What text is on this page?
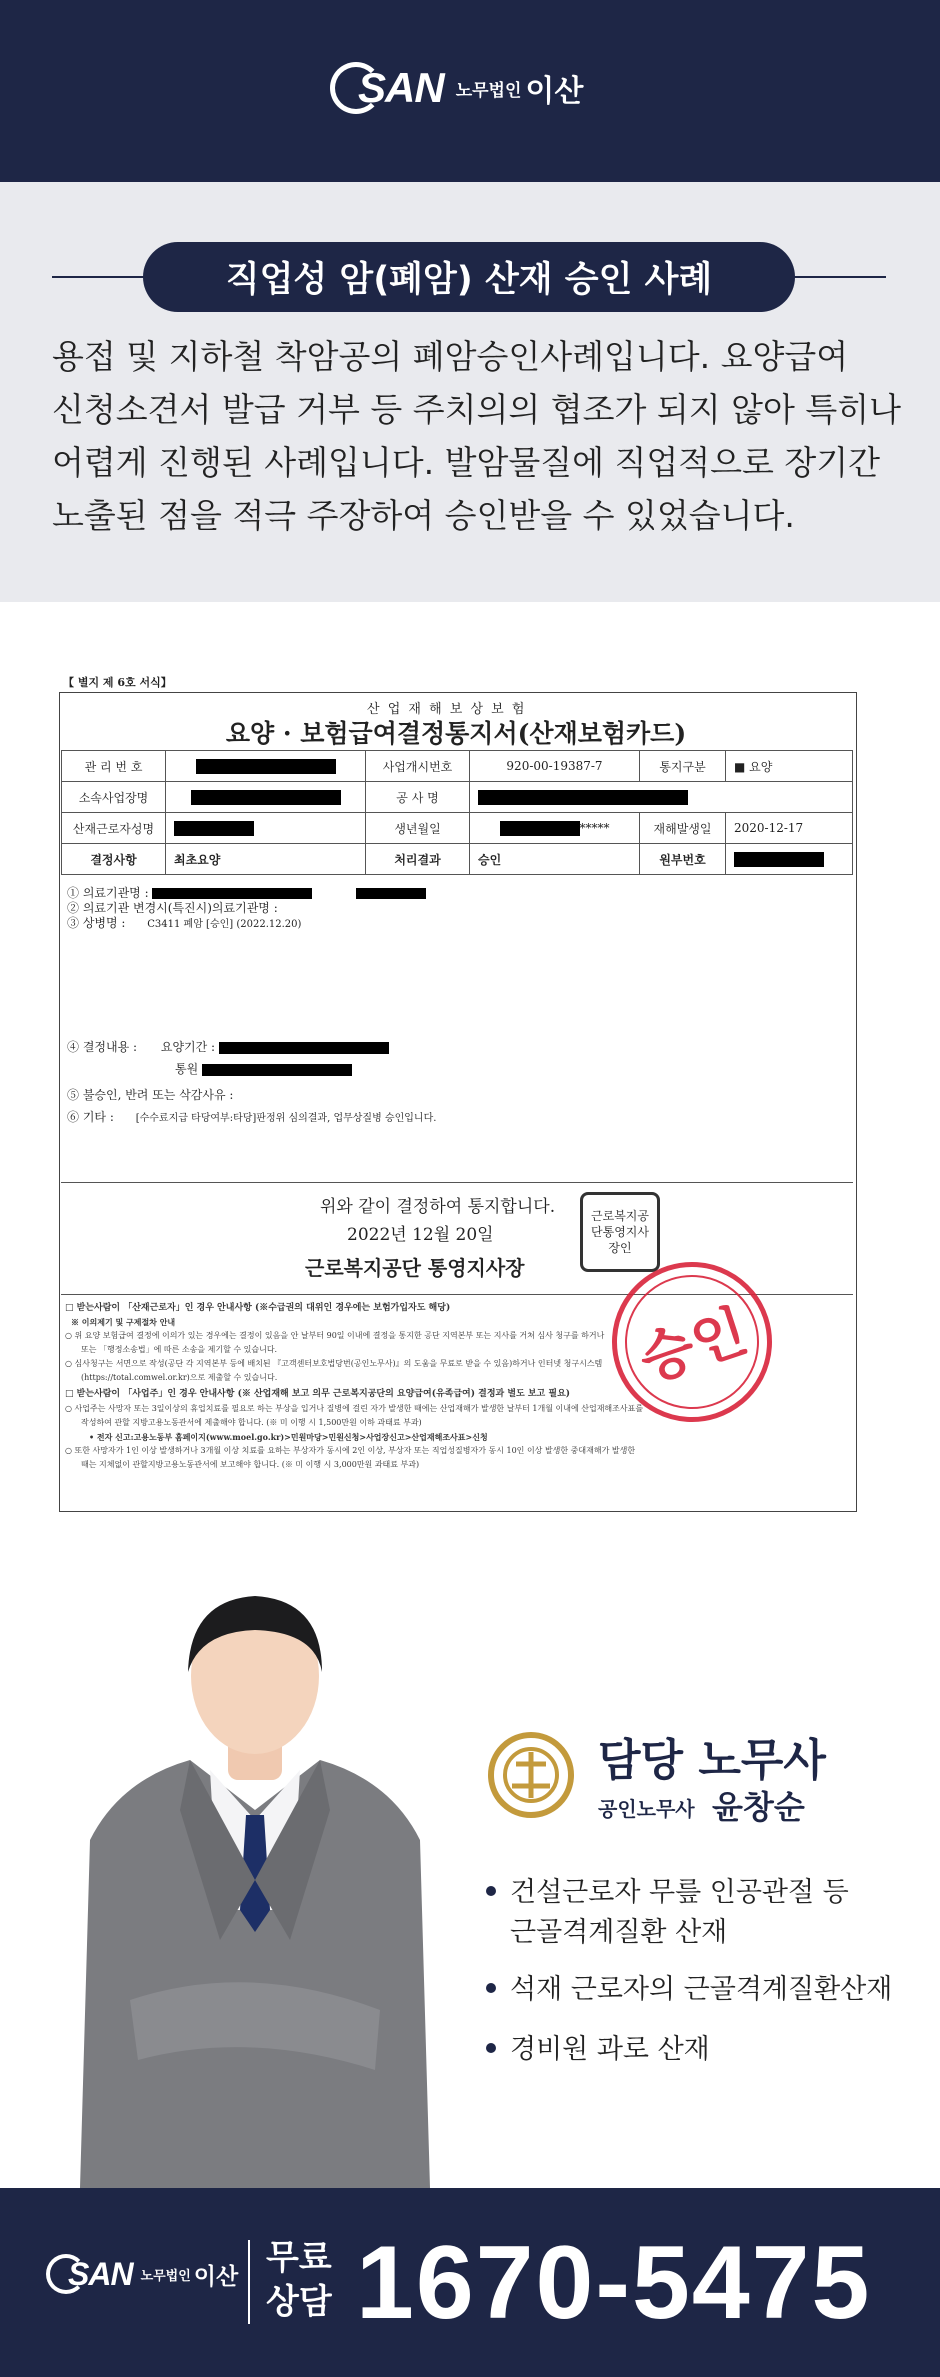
SAN 노무법인 이산
직업성 암(폐암) 산재 승인 사례
용접 및 지하철 착암공의 폐암승인사례입니다. 요양급여
신청소견서 발급 거부 등 주치의의 협조가 되지 않아 특히나
어렵게 진행된 사례입니다. 발암물질에 직업적으로 장기간
노출된 점을 적극 주장하여 승인받을 수 있었습니다.
【 별지 제 6호 서식】
산 업 재 해 보 상 보 험
요양 · 보험급여결정통지서(산재보험카드)
관 리 번 호		사업개시번호	920-00-19387-7	통지구분	■ 요양
소속사업장명		공 사 명			
산재근로자성명		생년월일	*****	재해발생일	2020-12-17
결정사항	최초요양	처리결과	승인	원부번호	
① 의료기관명 :
② 의료기관 변경시(특진시)의료기관명 :
③ 상병명 : C3411 폐암 [승인] (2022.12.20)
④ 결정내용 : 요양기간 :
통원
⑤ 불승인, 반려 또는 삭감사유 :
⑥ 기타 : [수수료지급 타당여부:타당]판정위 심의결과, 업무상질병 승인입니다.
위와 같이 결정하여 통지합니다.
2022년 12월 20일
근로복지공단 통영지사장
근로복지공단통영지사장인
□ 받는사람이 「산재근로자」인 경우 안내사항 (※수급권의 대위인 경우에는 보험가입자도 해당)
※ 이의제기 및 구제절차 안내
○ 위 요양 보험급여 결정에 이의가 있는 경우에는 결정이 있음을 안 날부터 90일 이내에 결정을 통지한 공단 지역본부 또는 지사를 거쳐 심사 청구를 하거나
또는 「행정소송법」에 따른 소송을 제기할 수 있습니다.
○ 심사청구는 서면으로 작성(공단 각 지역본부 등에 배치된 『고객센터보호법당번(공인노무사)』의 도움을 무료로 받을 수 있음)하거나 인터넷 청구시스템
(https://total.comwel.or.kr)으로 제출할 수 있습니다.
□ 받는사람이 「사업주」인 경우 안내사항 (※ 산업재해 보고 의무 근로복지공단의 요양급여(유족급여) 결정과 별도 보고 필요)
○ 사업주는 사망자 또는 3일이상의 휴업치료를 필요로 하는 부상을 입거나 질병에 걸린 자가 발생한 때에는 산업재해가 발생한 날부터 1개월 이내에 산업재해조사표를
작성하여 관할 지방고용노동관서에 제출해야 합니다. (※ 미 이행 시 1,500만원 이하 과태료 부과)
• 전자 신고:고용노동부 홈페이지(www.moel.go.kr)>민원마당>민원신청>사업장신고>산업재해조사표>신청
○ 또한 사망자가 1인 이상 발생하거나 3개월 이상 치료를 요하는 부상자가 동시에 2인 이상, 부상자 또는 직업성질병자가 동시 10인 이상 발생한 중대재해가 발생한
때는 지체없이 관할지방고용노동관서에 보고해야 합니다. (※ 미 이행 시 3,000만원 과태료 부과)
승인
담당 노무사
공인노무사 윤창순
건설근로자 무릎 인공관절 등
근골격계질환 산재
석재 근로자의 근골격계질환산재
경비원 과로 산재
SAN 노무법인 이산 무료
상담 1670-5475
